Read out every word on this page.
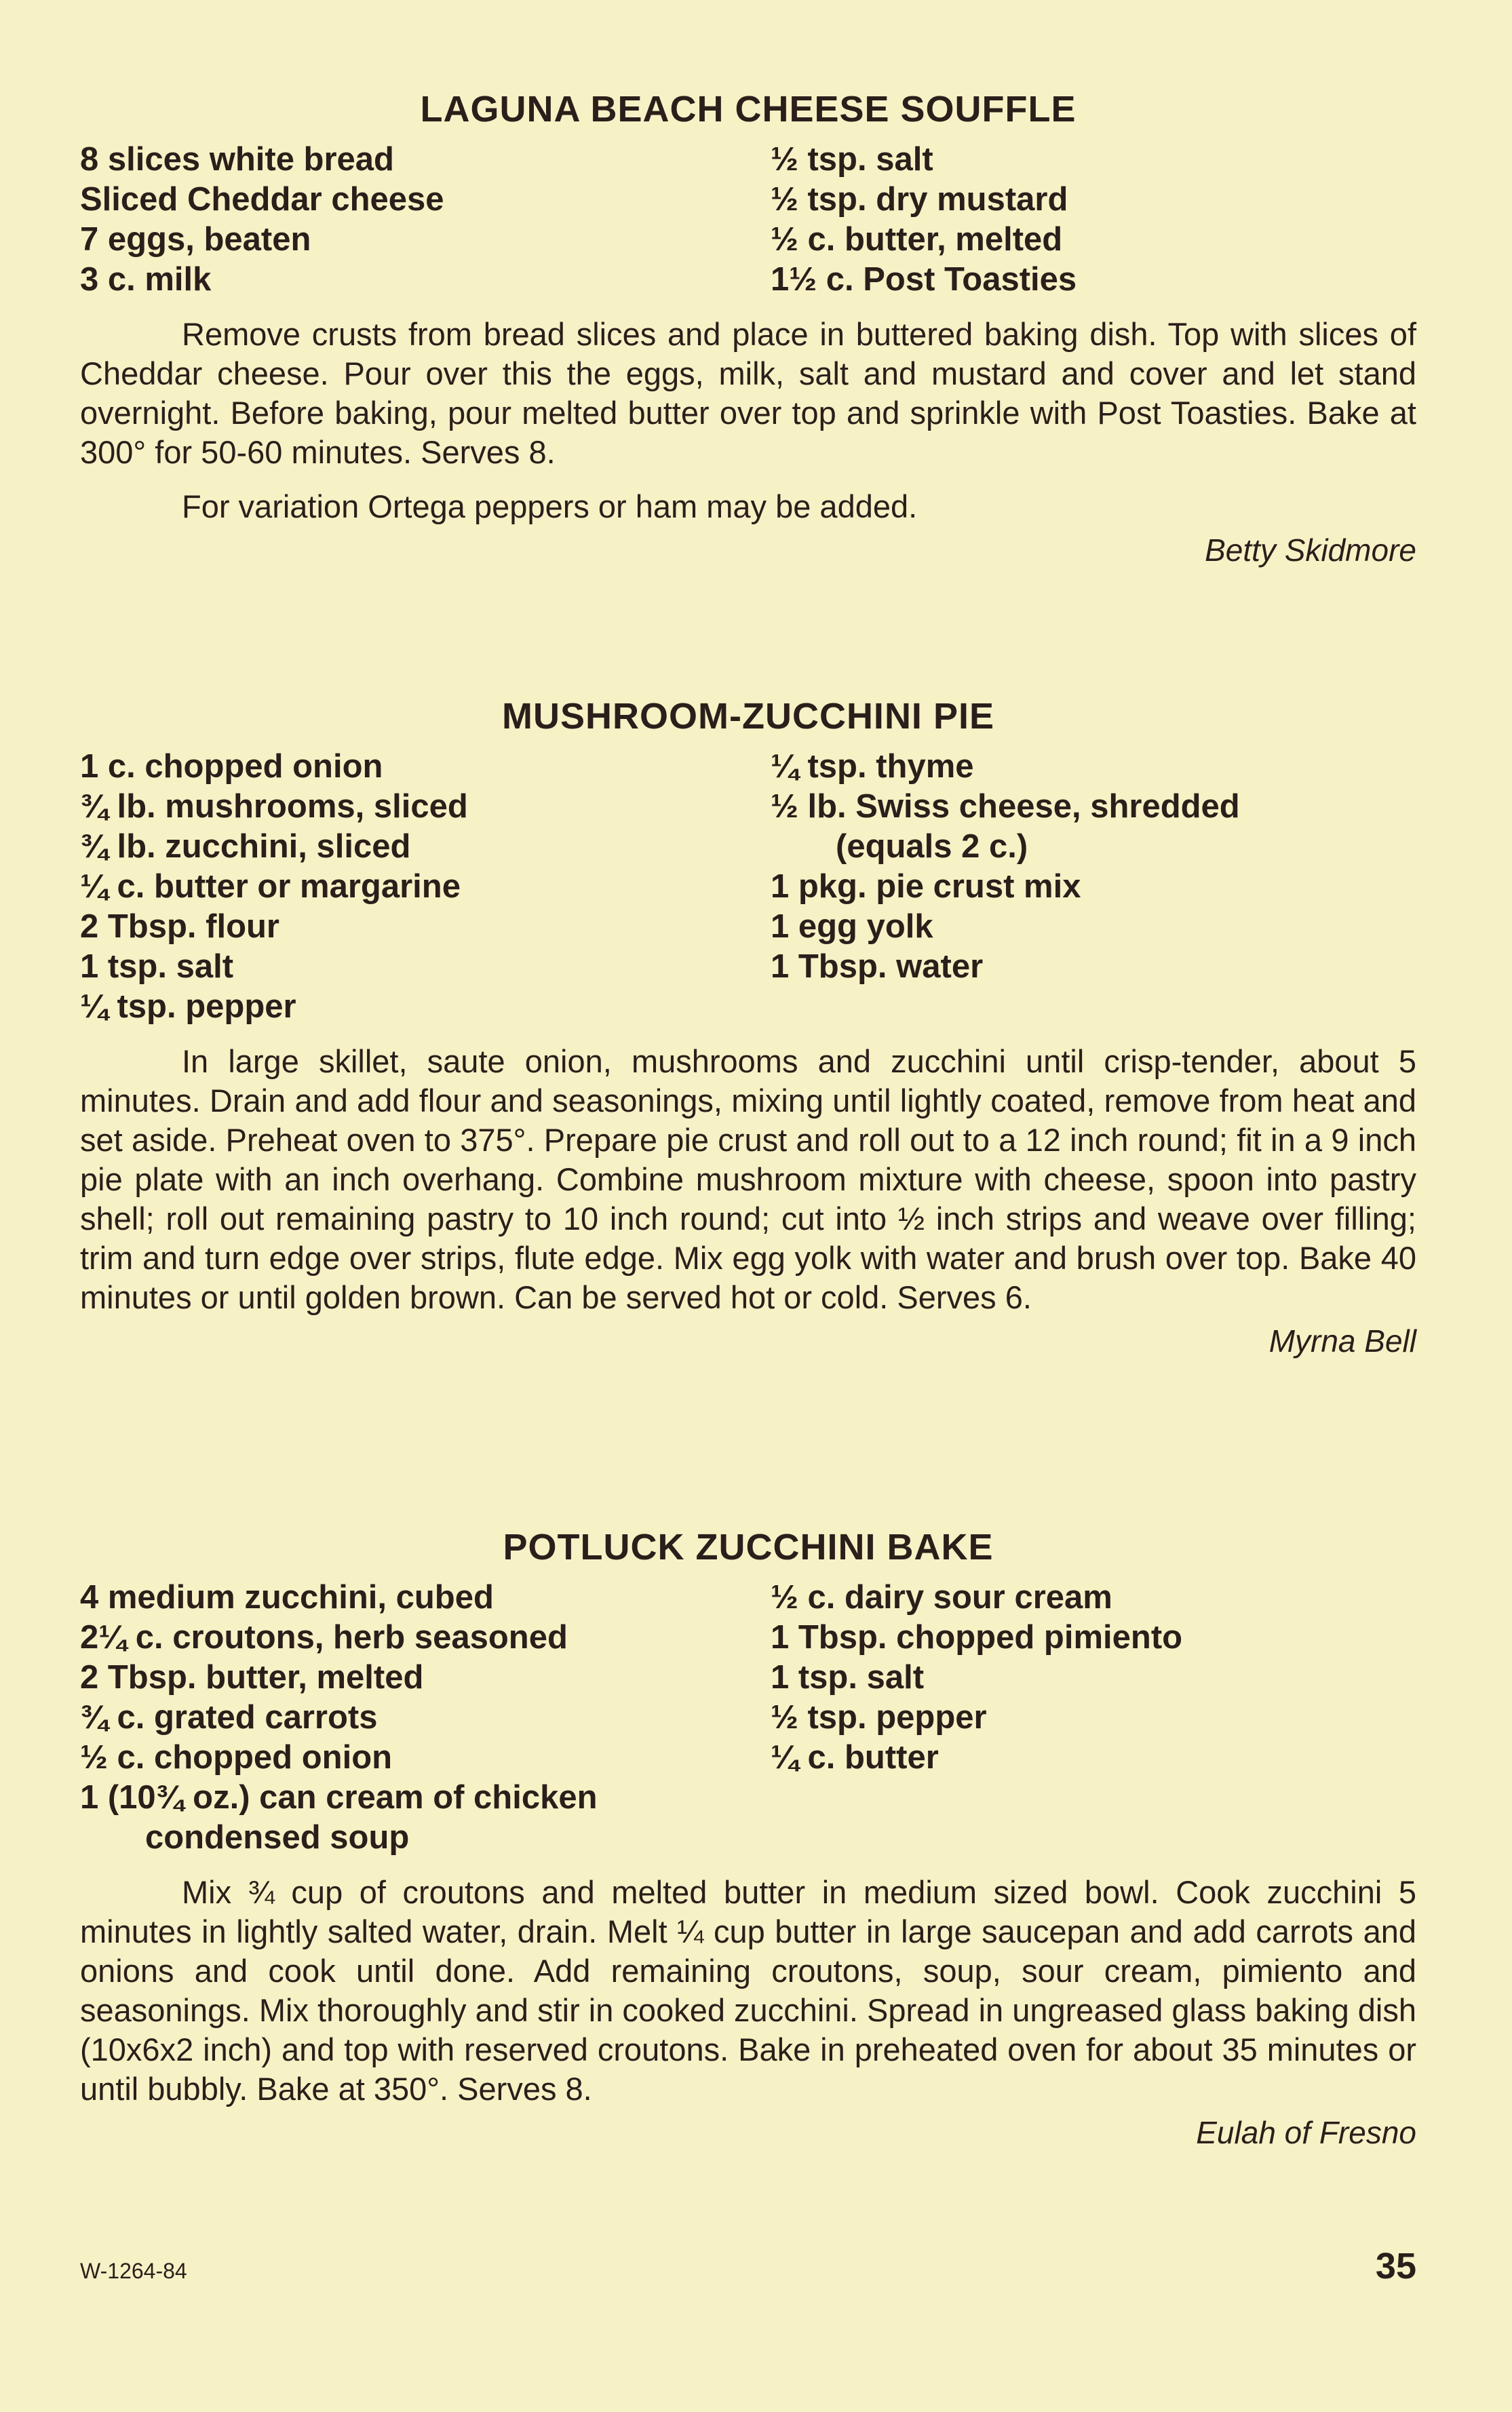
LAGUNA BEACH CHEESE SOUFFLE
8 slices white bread
Sliced Cheddar cheese
7 eggs, beaten
3 c. milk
½ tsp. salt
½ tsp. dry mustard
½ c. butter, melted
1½ c. Post Toasties

Remove crusts from bread slices and place in buttered baking dish. Top with slices of Cheddar cheese. Pour over this the eggs, milk, salt and mustard and cover and let stand overnight. Before baking, pour melted butter over top and sprinkle with Post Toasties. Bake at 300° for 50-60 minutes. Serves 8.

For variation Ortega peppers or ham may be added.

Betty Skidmore
MUSHROOM-ZUCCHINI PIE
1 c. chopped onion
¾ lb. mushrooms, sliced
¾ lb. zucchini, sliced
¼ c. butter or margarine
2 Tbsp. flour
1 tsp. salt
¼ tsp. pepper
¼ tsp. thyme
½ lb. Swiss cheese, shredded
(equals 2 c.)
1 pkg. pie crust mix
1 egg yolk
1 Tbsp. water

In large skillet, saute onion, mushrooms and zucchini until crisp-tender, about 5 minutes. Drain and add flour and seasonings, mixing until lightly coated, remove from heat and set aside. Preheat oven to 375°. Prepare pie crust and roll out to a 12 inch round; fit in a 9 inch pie plate with an inch overhang. Combine mushroom mixture with cheese, spoon into pastry shell; roll out remaining pastry to 10 inch round; cut into ½ inch strips and weave over filling; trim and turn edge over strips, flute edge. Mix egg yolk with water and brush over top. Bake 40 minutes or until golden brown. Can be served hot or cold. Serves 6.

Myrna Bell
POTLUCK ZUCCHINI BAKE
4 medium zucchini, cubed
2¼ c. croutons, herb seasoned
2 Tbsp. butter, melted
¾ c. grated carrots
½ c. chopped onion
1 (10¾ oz.) can cream of chicken
condensed soup
½ c. dairy sour cream
1 Tbsp. chopped pimiento
1 tsp. salt
½ tsp. pepper
¼ c. butter

Mix ¾ cup of croutons and melted butter in medium sized bowl. Cook zucchini 5 minutes in lightly salted water, drain. Melt ¼ cup butter in large saucepan and add carrots and onions and cook until done. Add remaining croutons, soup, sour cream, pimiento and seasonings. Mix thoroughly and stir in cooked zucchini. Spread in ungreased glass baking dish (10x6x2 inch) and top with reserved croutons. Bake in preheated oven for about 35 minutes or until bubbly. Bake at 350°. Serves 8.

Eulah of Fresno
W-1264-84	35
